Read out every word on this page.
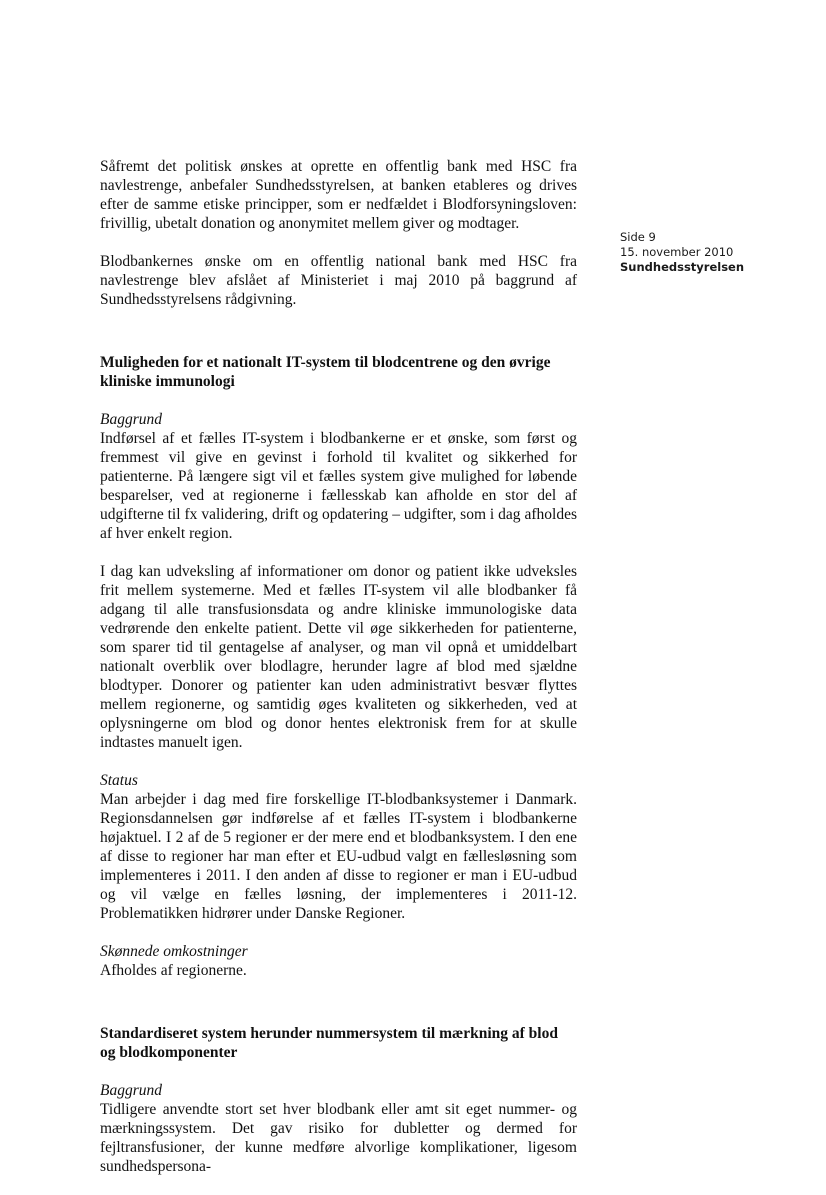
Side 9
15. november 2010
Sundhedsstyrelsen

Såfremt det politisk ønskes at oprette en offentlig bank med HSC fra navlestrenge, anbefaler Sundhedsstyrelsen, at banken etableres og drives efter de samme etiske principper, som er nedfældet i Blodforsyningsloven: frivillig, ubetalt donation og anonymitet mellem giver og modtager.

Blodbankernes ønske om en offentlig national bank med HSC fra navlestrenge blev afslået af Ministeriet i maj 2010 på baggrund af Sundhedsstyrelsens rådgivning.

Muligheden for et nationalt IT-system til blodcentrene og den øvrige kliniske immunologi

Baggrund
Indførsel af et fælles IT-system i blodbankerne er et ønske, som først og fremmest vil give en gevinst i forhold til kvalitet og sikkerhed for patienterne. På længere sigt vil et fælles system give mulighed for løbende besparelser, ved at regionerne i fællesskab kan afholde en stor del af udgifterne til fx validering, drift og opdatering – udgifter, som i dag afholdes af hver enkelt region.

I dag kan udveksling af informationer om donor og patient ikke udveksles frit mellem systemerne. Med et fælles IT-system vil alle blodbanker få adgang til alle transfusionsdata og andre kliniske immunologiske data vedrørende den enkelte patient. Dette vil øge sikkerheden for patienterne, som sparer tid til gentagelse af analyser, og man vil opnå et umiddelbart nationalt overblik over blodlagre, herunder lagre af blod med sjældne blodtyper. Donorer og patienter kan uden administrativt besvær flyttes mellem regionerne, og samtidig øges kvaliteten og sikkerheden, ved at oplysningerne om blod og donor hentes elektronisk frem for at skulle indtastes manuelt igen.

Status
Man arbejder i dag med fire forskellige IT-blodbanksystemer i Danmark. Regionsdannelsen gør indførelse af et fælles IT-system i blodbankerne højaktuel. I 2 af de 5 regioner er der mere end et blodbanksystem. I den ene af disse to regioner har man efter et EU-udbud valgt en fællesløsning som implementeres i 2011. I den anden af disse to regioner er man i EU-udbud og vil vælge en fælles løsning, der implementeres i 2011-12. Problematikken hidrører under Danske Regioner.

Skønnede omkostninger
Afholdes af regionerne.

Standardiseret system herunder nummersystem til mærkning af blod og blodkomponenter

Baggrund
Tidligere anvendte stort set hver blodbank eller amt sit eget nummer- og mærkningssystem. Det gav risiko for dubletter og dermed for fejltransfusioner, der kunne medføre alvorlige komplikationer, ligesom sundhedspersona-
